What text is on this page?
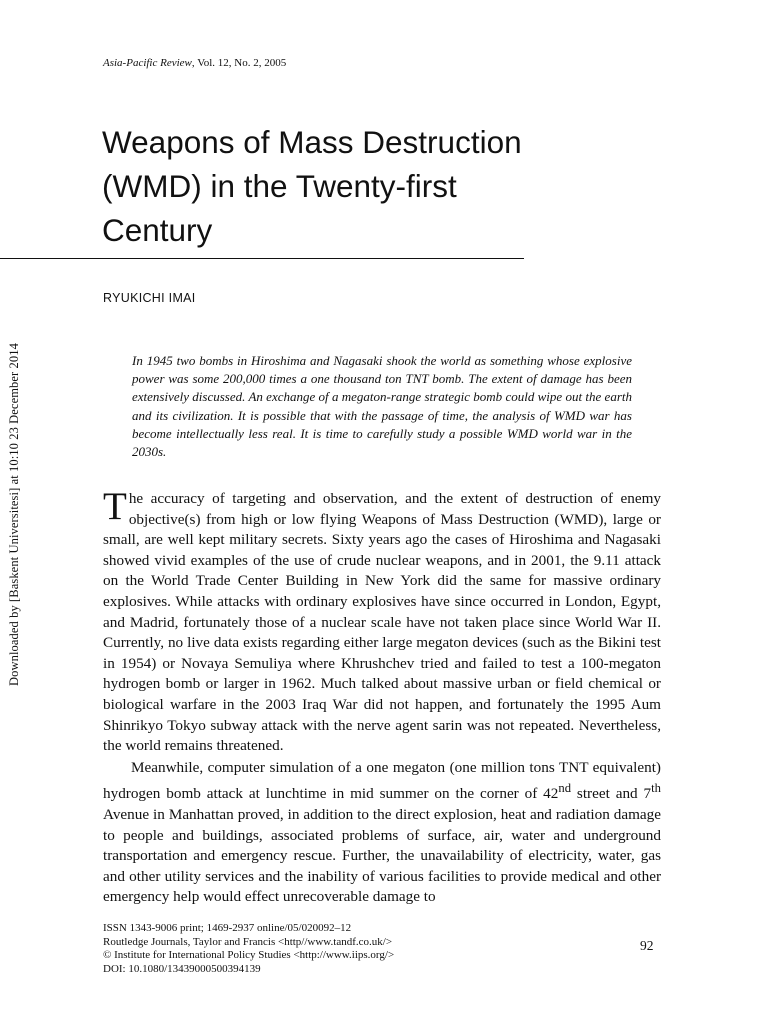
Downloaded by [Baskent Universitesi] at 10:10 23 December 2014
Asia-Pacific Review, Vol. 12, No. 2, 2005
Weapons of Mass Destruction (WMD) in the Twenty-first Century
RYUKICHI IMAI

In 1945 two bombs in Hiroshima and Nagasaki shook the world as something whose explosive power was some 200,000 times a one thousand ton TNT bomb. The extent of damage has been extensively discussed. An exchange of a megaton-range strategic bomb could wipe out the earth and its civilization. It is possible that with the passage of time, the analysis of WMD war has become intellectually less real. It is time to carefully study a possible WMD world war in the 2030s.

The accuracy of targeting and observation, and the extent of destruction of enemy objective(s) from high or low flying Weapons of Mass Destruction (WMD), large or small, are well kept military secrets. Sixty years ago the cases of Hiroshima and Nagasaki showed vivid examples of the use of crude nuclear weapons, and in 2001, the 9.11 attack on the World Trade Center Building in New York did the same for massive ordinary explosives. While attacks with ordinary explosives have since occurred in London, Egypt, and Madrid, fortunately those of a nuclear scale have not taken place since World War II. Currently, no live data exists regarding either large megaton devices (such as the Bikini test in 1954) or Novaya Semuliya where Khrushchev tried and failed to test a 100-megaton hydrogen bomb or larger in 1962. Much talked about massive urban or field chemical or biological warfare in the 2003 Iraq War did not happen, and fortunately the 1995 Aum Shinrikyo Tokyo subway attack with the nerve agent sarin was not repeated. Nevertheless, the world remains threatened.

Meanwhile, computer simulation of a one megaton (one million tons TNT equivalent) hydrogen bomb attack at lunchtime in mid summer on the corner of 42nd street and 7th Avenue in Manhattan proved, in addition to the direct explosion, heat and radiation damage to people and buildings, associated problems of surface, air, water and underground transportation and emergency rescue. Further, the unavailability of electricity, water, gas and other utility services and the inability of various facilities to provide medical and other emergency help would effect unrecoverable damage to

ISSN 1343-9006 print; 1469-2937 online/05/020092–12
Routledge Journals, Taylor and Francis <http//www.tandf.co.uk/>
© Institute for International Policy Studies <http://www.iips.org/>
DOI: 10.1080/13439000500394139
92
